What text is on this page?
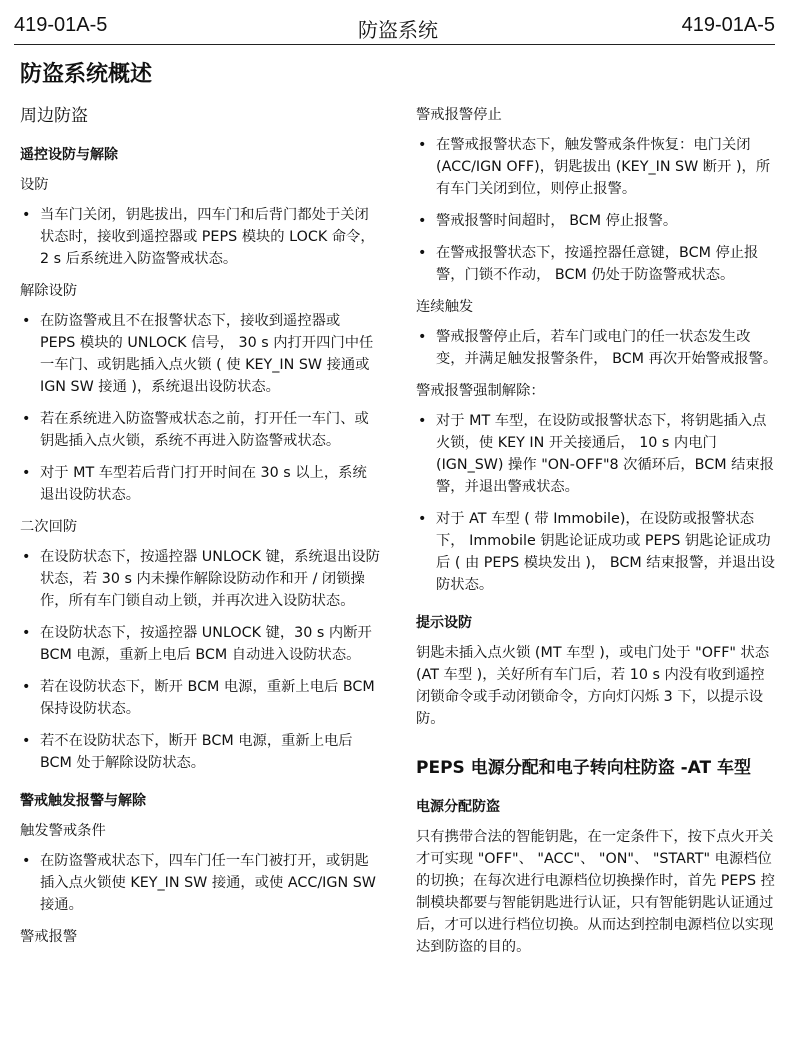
419-01A-5	防盗系统	419-01A-5
防盗系统概述
周边防盗
遥控设防与解除
设防
• 当车门关闭，钥匙拔出，四车门和后背门都处于关闭状态时，接收到遥控器或 PEPS 模块的 LOCK 命令，2 s 后系统进入防盗警戒状态。
解除设防
• 在防盗警戒且不在报警状态下，接收到遥控器或 PEPS 模块的 UNLOCK 信号， 30 s 内打开四门中任一车门、或钥匙插入点火锁 ( 使 KEY_IN SW 接通或 IGN SW 接通 )，系统退出设防状态。
• 若在系统进入防盗警戒状态之前，打开任一车门、或钥匙插入点火锁，系统不再进入防盗警戒状态。
• 对于 MT 车型若后背门打开时间在 30 s 以上，系统退出设防状态。
二次回防
• 在设防状态下，按遥控器 UNLOCK 键，系统退出设防状态，若 30 s 内未操作解除设防动作和开 / 闭锁操作，所有车门锁自动上锁，并再次进入设防状态。
• 在设防状态下，按遥控器 UNLOCK 键，30 s 内断开 BCM 电源，重新上电后 BCM 自动进入设防状态。
• 若在设防状态下，断开 BCM 电源，重新上电后 BCM 保持设防状态。
• 若不在设防状态下，断开 BCM 电源，重新上电后 BCM 处于解除设防状态。
警戒触发报警与解除
触发警戒条件
• 在防盗警戒状态下，四车门任一车门被打开，或钥匙插入点火锁使 KEY_IN SW 接通，或使 ACC/IGN SW 接通。
警戒报警
警戒报警停止
• 在警戒报警状态下，触发警戒条件恢复：电门关闭 (ACC/IGN OFF)，钥匙拔出 (KEY_IN SW 断开 )，所有车门关闭到位，则停止报警。
• 警戒报警时间超时， BCM 停止报警。
• 在警戒报警状态下，按遥控器任意键，BCM 停止报警，门锁不作动， BCM 仍处于防盗警戒状态。
连续触发
• 警戒报警停止后，若车门或电门的任一状态发生改变，并满足触发报警条件， BCM 再次开始警戒报警。
警戒报警强制解除：
• 对于 MT 车型，在设防或报警状态下，将钥匙插入点火锁，使 KEY IN 开关接通后， 10 s 内电门 (IGN_SW) 操作 "ON-OFF"8 次循环后，BCM 结束报警，并退出警戒状态。
• 对于 AT 车型 ( 带 Immobile)，在设防或报警状态下， Immobile 钥匙论证成功或 PEPS 钥匙论证成功后 ( 由 PEPS 模块发出 )， BCM 结束报警，并退出设防状态。
提示设防
钥匙未插入点火锁 (MT 车型 )，或电门处于 "OFF" 状态 (AT 车型 )，关好所有车门后，若 10 s 内没有收到遥控闭锁命令或手动闭锁命令，方向灯闪烁 3 下，以提示设防。
PEPS 电源分配和电子转向柱防盗 -AT 车型
电源分配防盗
只有携带合法的智能钥匙，在一定条件下，按下点火开关才可实现 "OFF"、 "ACC"、 "ON"、 "START" 电源档位的切换；在每次进行电源档位切换操作时，首先 PEPS 控制模块都要与智能钥匙进行认证，只有智能钥匙认证通过后，才可以进行档位切换。从而达到控制电源档位以实现达到防盗的目的。
